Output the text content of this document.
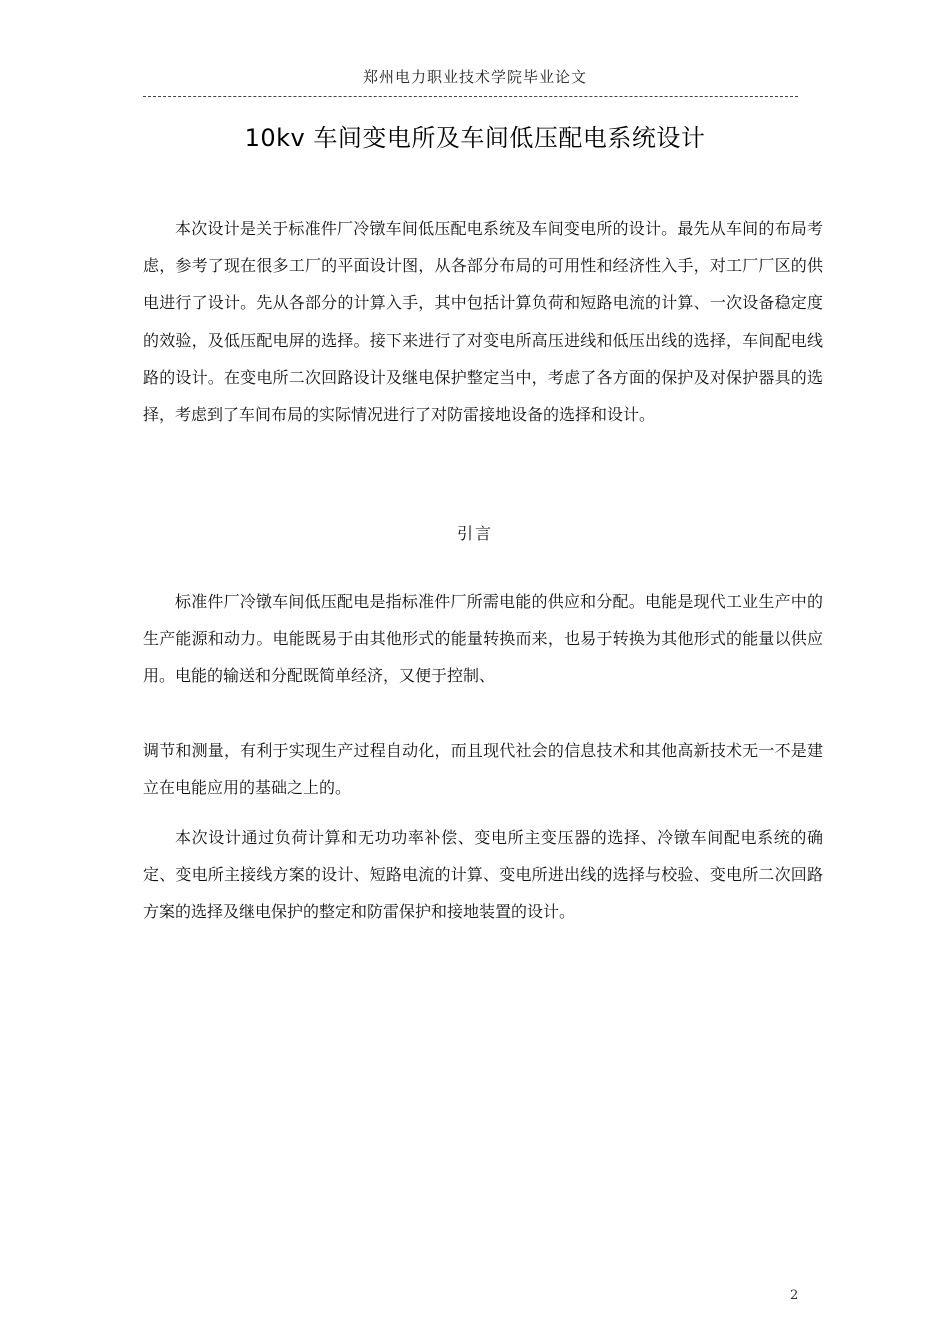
郑州电力职业技术学院毕业论文
10kv 车间变电所及车间低压配电系统设计

本次设计是关于标准件厂冷镦车间低压配电系统及车间变电所的设计。最先从车间的布局考虑，参考了现在很多工厂的平面设计图，从各部分布局的可用性和经济性入手，对工厂厂区的供电进行了设计。先从各部分的计算入手，其中包括计算负荷和短路电流的计算、一次设备稳定度的效验，及低压配电屏的选择。接下来进行了对变电所高压进线和低压出线的选择，车间配电线路的设计。在变电所二次回路设计及继电保护整定当中，考虑了各方面的保护及对保护器具的选择，考虑到了车间布局的实际情况进行了对防雷接地设备的选择和设计。

引言

标准件厂冷镦车间低压配电是指标准件厂所需电能的供应和分配。电能是现代工业生产中的生产能源和动力。电能既易于由其他形式的能量转换而来，也易于转换为其他形式的能量以供应用。电能的输送和分配既简单经济，又便于控制、

调节和测量，有利于实现生产过程自动化，而且现代社会的信息技术和其他高新技术无一不是建立在电能应用的基础之上的。

本次设计通过负荷计算和无功功率补偿、变电所主变压器的选择、冷镦车间配电系统的确定、变电所主接线方案的设计、短路电流的计算、变电所进出线的选择与校验、变电所二次回路方案的选择及继电保护的整定和防雷保护和接地装置的设计。

2
